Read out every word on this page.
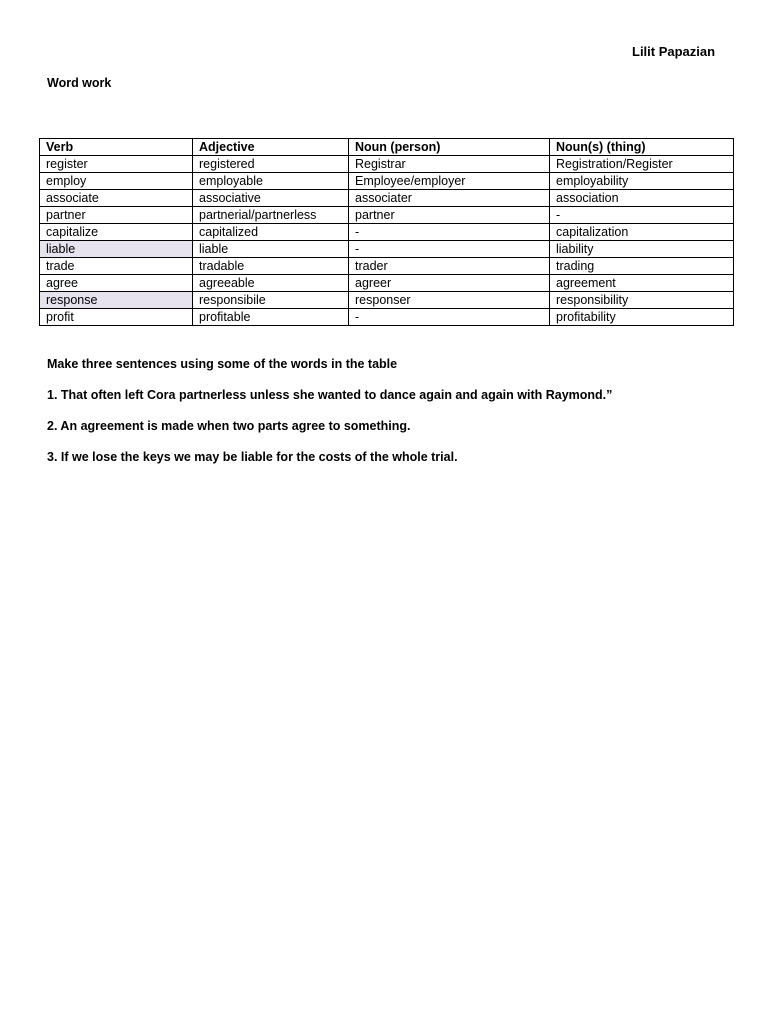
Lilit Papazian
Word work
Verb	Adjective	Noun (person)	Noun(s) (thing)
register	registered	Registrar	Registration/Register
employ	employable	Employee/employer	employability
associate	associative	associater	association
partner	partnerial/partnerless	partner	-
capitalize	capitalized	-	capitalization
liable	liable	-	liability
trade	tradable	trader	trading
agree	agreeable	agreer	agreement
response	responsibile	responser	responsibility
profit	profitable	-	profitability
Make three sentences using some of the words in the table
1. That often left Cora partnerless unless she wanted to dance again and again with Raymond.”
2. An agreement is made when two parts agree to something.
3. If we lose the keys we may be liable for the costs of the whole trial.
